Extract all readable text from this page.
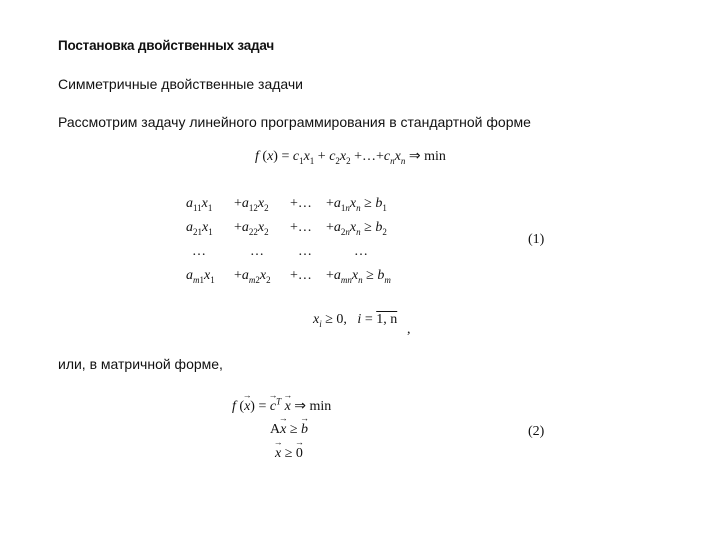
Постановка двойственных задач
Симметричные двойственные задачи
Рассмотрим задачу линейного программирования в стандартной форме
f $(x) = c_1x_1 + c_2x_2$ $+\dots+c_nx_n$ ⇒ min
$a_{11}x_1 +a_{12}x_2$ +… $+a_{1n}x_n \ge b_1$
$a_{21}x_1 +a_{22}x_2$ +… $+a_{2n}x_n \ge b_2$
…	… …	…
$a_{m1}x_1 +a_{m2}x_2$ +… $+a_{mn}x_n \ge b_m$
(1)
$x_i \ge 0$,   i = 1, n
,
или, в матричной форме,
f (→ x) = → $c^T \to x$ ⇒ min
A→ x ≥ → b
→ x ≥ → 0
(2)
